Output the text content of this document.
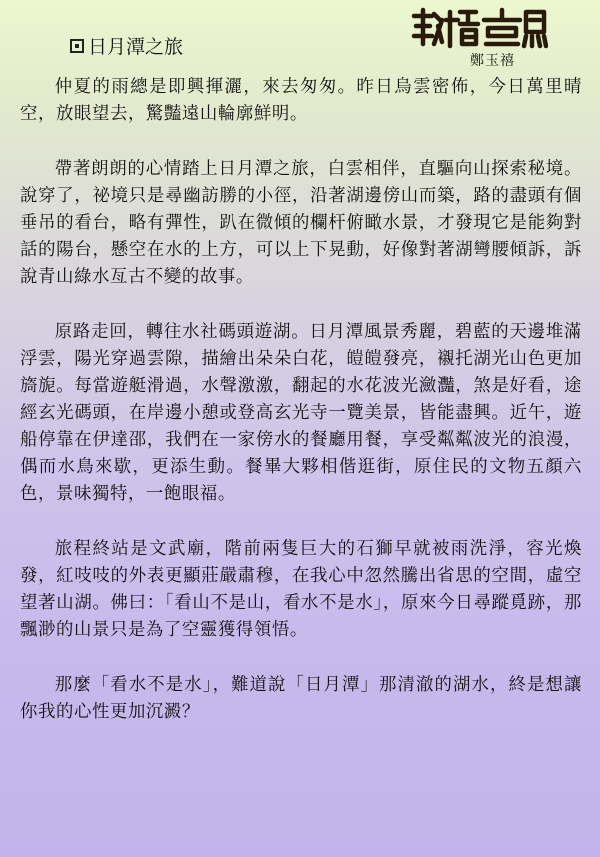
日月潭之旅
鄭玉禧

仲夏的雨總是即興揮灑，來去匆匆。昨日烏雲密佈，今日萬里晴空，放眼望去，驚豔遠山輪廓鮮明。

帶著朗朗的心情踏上日月潭之旅，白雲相伴，直驅向山探索秘境。說穿了，祕境只是尋幽訪勝的小徑，沿著湖邊傍山而築，路的盡頭有個垂吊的看台，略有彈性，趴在微傾的欄杆俯瞰水景，才發現它是能夠對話的陽台，懸空在水的上方，可以上下晃動，好像對著湖彎腰傾訴，訴說青山綠水亙古不變的故事。

原路走回，轉往水社碼頭遊湖。日月潭風景秀麗，碧藍的天邊堆滿浮雲，陽光穿過雲隙，描繪出朵朵白花，皚皚發亮，襯托湖光山色更加旖旎。每當遊艇滑過，水聲激激，翻起的水花波光瀲灩，煞是好看，途經玄光碼頭，在岸邊小憩或登高玄光寺一覽美景，皆能盡興。近午，遊船停靠在伊達邵，我們在一家傍水的餐廳用餐，享受粼粼波光的浪漫，偶而水鳥來歇，更添生動。餐畢大夥相偕逛街，原住民的文物五顏六色，景味獨特，一飽眼福。

旅程終站是文武廟，階前兩隻巨大的石獅早就被雨洗淨，容光煥發，紅吱吱的外表更顯莊嚴肅穆，在我心中忽然騰出省思的空間，虛空望著山湖。佛曰：「看山不是山，看水不是水」，原來今日尋蹤覓跡，那飄渺的山景只是為了空靈獲得領悟。

那麼「看水不是水」，難道說「日月潭」那清澈的湖水，終是想讓你我的心性更加沉澱？
